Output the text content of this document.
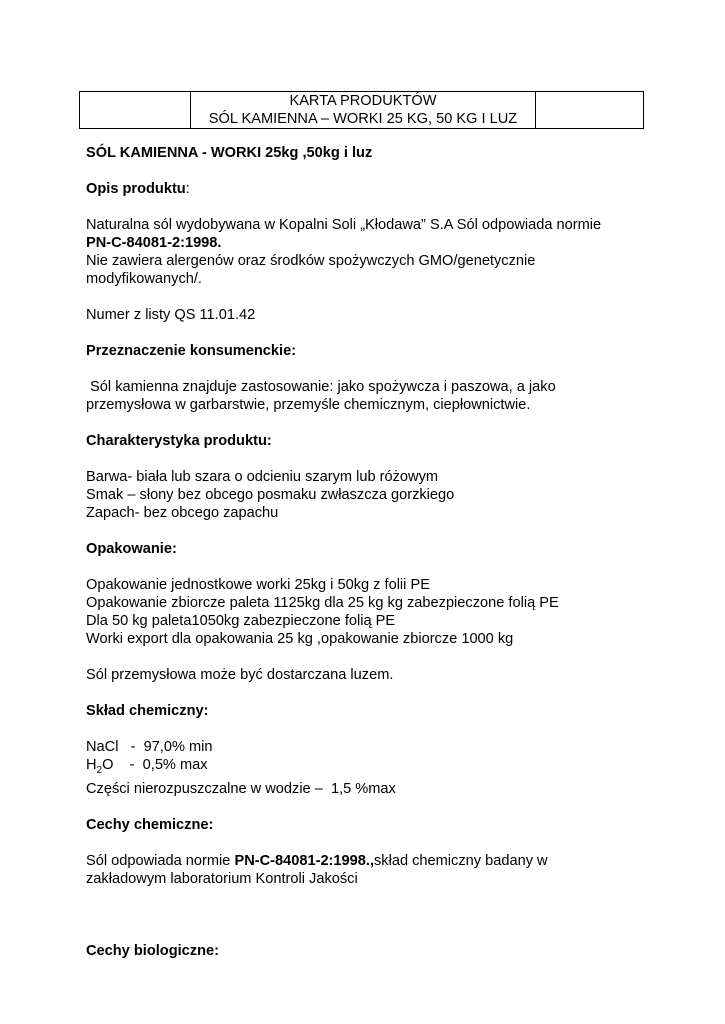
KARTA PRODUKTÓW
SÓL KAMIENNA – WORKI 25 KG, 50 KG I LUZ

SÓL KAMIENNA - WORKI 25kg ,50kg i luz

Opis produktu:

Naturalna sól wydobywana w Kopalni Soli „Kłodawa” S.A Sól odpowiada normie

PN-C-84081-2:1998.

Nie zawiera alergenów oraz środków spożywczych GMO/genetycznie

modyfikowanych/.

Numer z listy QS 11.01.42

Przeznaczenie konsumenckie:

Sól kamienna znajduje zastosowanie: jako spożywcza i paszowa, a jako

przemysłowa w garbarstwie, przemyśle chemicznym, ciepłownictwie.

Charakterystyka produktu:

Barwa- biała lub szara o odcieniu szarym lub różowym

Smak – słony bez obcego posmaku zwłaszcza gorzkiego

Zapach- bez obcego zapachu

Opakowanie:

Opakowanie jednostkowe worki 25kg i 50kg z folii PE

Opakowanie zbiorcze paleta 1125kg dla 25 kg kg zabezpieczone folią PE

Dla 50 kg paleta1050kg zabezpieczone folią PE

Worki export dla opakowania 25 kg ,opakowanie zbiorcze 1000 kg

Sól przemysłowa może być dostarczana luzem.

Skład chemiczny:

NaCl   -  97,0% min

$H_2O$    -  0,5% max

Części nierozpuszczalne w wodzie –  1,5 %max

Cechy chemiczne:

Sól odpowiada normie PN-C-84081-2:1998.,skład chemiczny badany w

zakładowym laboratorium Kontroli Jakości

Cechy biologiczne:
